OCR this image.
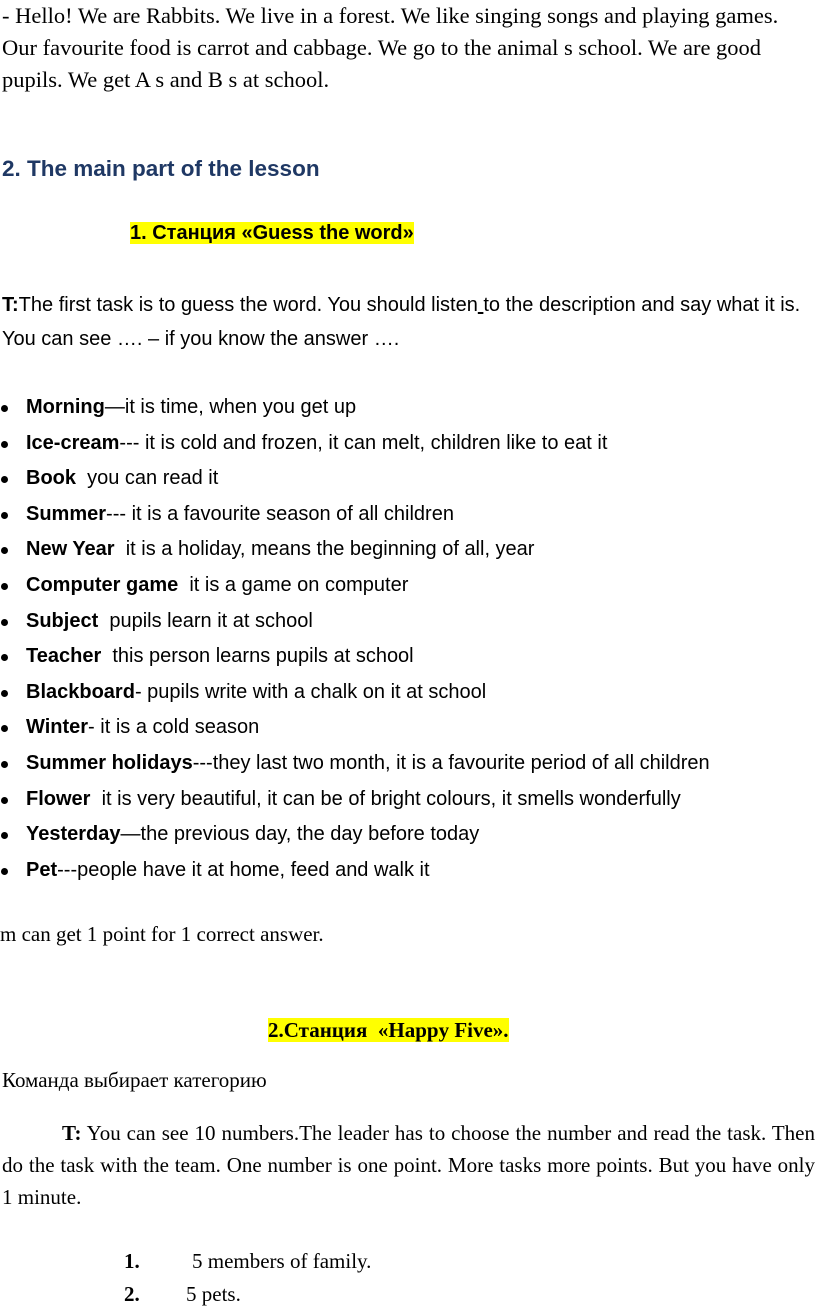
- Hello! We are Rabbits. We live in a forest. We like singing songs and playing games. Our favourite food is carrot and cabbage. We go to the animal s school. We are good pupils. We get A s and B s at school.

2. The main part of the lesson
1. Станция «Guess the word»

T:The first task is to guess the word. You should listen to the description and say what it is. You can see …. – if you know the answer ….

Morning—it is time, when you get up
Ice-cream--- it is cold and frozen, it can melt, children like to eat it
Book  you can read it
Summer--- it is a favourite season of all children
New Year  it is a holiday, means the beginning of all, year
Computer game  it is a game on computer
Subject  pupils learn it at school
Teacher  this person learns pupils at school
Blackboard- pupils write with a chalk on it at school
Winter- it is a cold season
Summer holidays---they last two month, it is a favourite period of all children
Flower  it is very beautiful, it can be of bright colours, it smells wonderfully
Yesterday—the previous day, the day before today
Pet---people have it at home, feed and walk it

m can get 1 point for 1 correct answer.

2.Станция  «Happy Five».

Команда выбирает категорию

T: You can see 10 numbers.The leader has to choose the number and read the task. Then do the task with the team. One number is one point. More tasks more points. But you have only 1 minute.

1. 5 members of family.
2. 5 pets.
